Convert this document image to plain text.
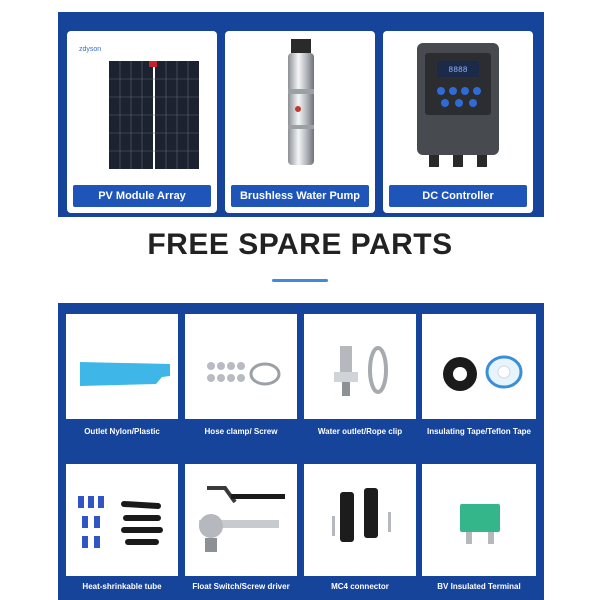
zdyson
PV Module Array	Brushless Water Pump
8888
DC Controller
FREE SPARE PARTS
Outlet Nylon/Plastic	Hose clamp/ Screw	Water outlet/Rope clip	Insulating Tape/Teflon Tape
Heat-shrinkable tube	Float Switch/Screw driver	MC4 connector	BV Insulated Terminal
